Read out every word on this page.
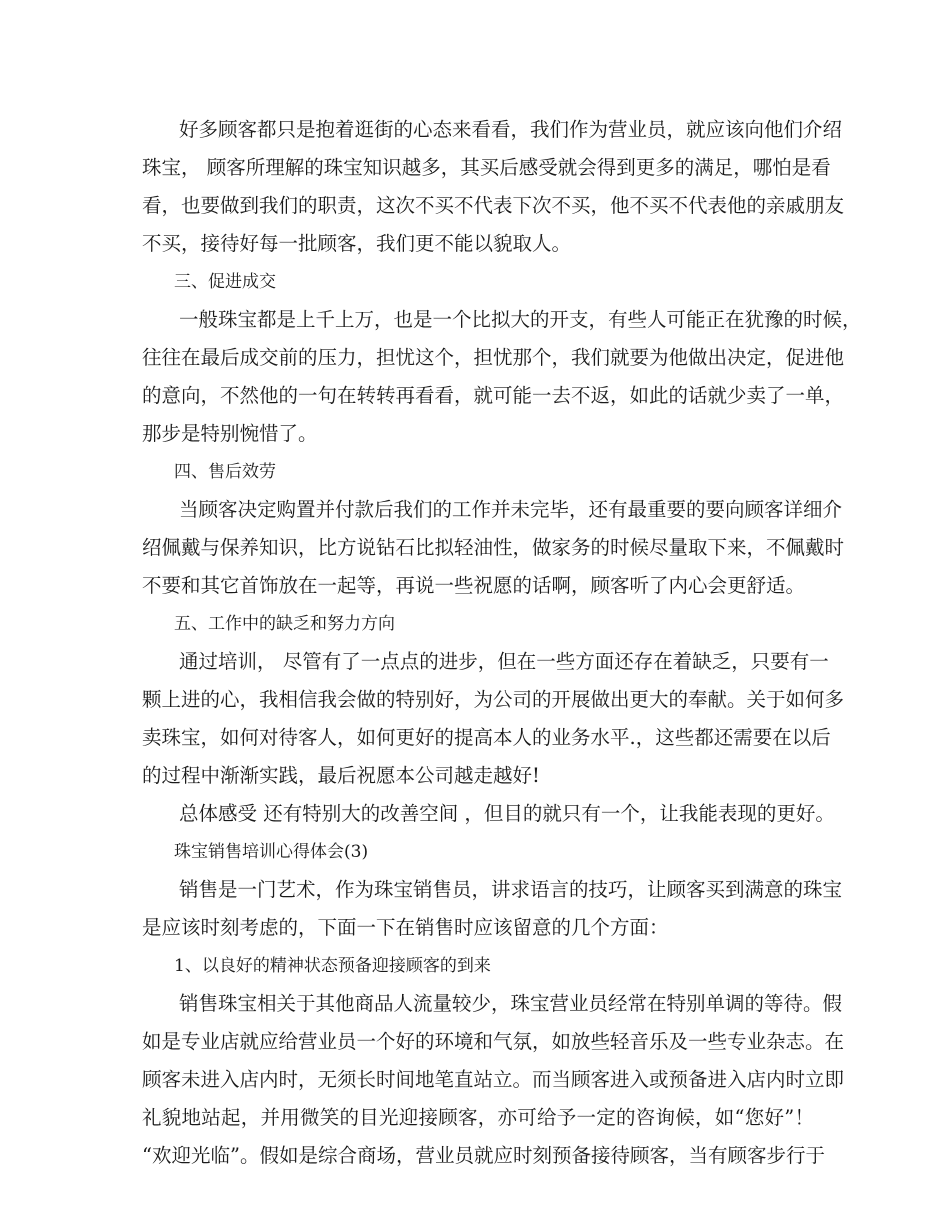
好多顾客都只是抱着逛街的心态来看看，我们作为营业员，就应该向他们介绍
珠宝， 顾客所理解的珠宝知识越多，其买后感受就会得到更多的满足，哪怕是看
看，也要做到我们的职责，这次不买不代表下次不买，他不买不代表他的亲戚朋友
不买，接待好每一批顾客，我们更不能以貌取人。
三、促进成交
一般珠宝都是上千上万，也是一个比拟大的开支，有些人可能正在犹豫的时候，
往往在最后成交前的压力，担忧这个，担忧那个，我们就要为他做出决定，促进他
的意向，不然他的一句在转转再看看，就可能一去不返，如此的话就少卖了一单，
那步是特别惋惜了。
四、售后效劳
当顾客决定购置并付款后我们的工作并未完毕，还有最重要的要向顾客详细介
绍佩戴与保养知识，比方说钻石比拟轻油性，做家务的时候尽量取下来，不佩戴时
不要和其它首饰放在一起等，再说一些祝愿的话啊，顾客听了内心会更舒适。
五、工作中的缺乏和努力方向
通过培训， 尽管有了一点点的进步，但在一些方面还存在着缺乏，只要有一
颗上进的心，我相信我会做的特别好，为公司的开展做出更大的奉献。关于如何多
卖珠宝，如何对待客人，如何更好的提高本人的业务水平.，这些都还需要在以后
的过程中渐渐实践，最后祝愿本公司越走越好!
总体感受 还有特别大的改善空间 ，但目的就只有一个，让我能表现的更好。
珠宝销售培训心得体会(3)
销售是一门艺术，作为珠宝销售员，讲求语言的技巧，让顾客买到满意的珠宝
是应该时刻考虑的，下面一下在销售时应该留意的几个方面：
1、以良好的精神状态预备迎接顾客的到来
销售珠宝相关于其他商品人流量较少，珠宝营业员经常在特别单调的等待。假
如是专业店就应给营业员一个好的环境和气氛，如放些轻音乐及一些专业杂志。在
顾客未进入店内时，无须长时间地笔直站立。而当顾客进入或预备进入店内时立即
礼貌地站起，并用微笑的目光迎接顾客，亦可给予一定的咨询候，如“您好”！
“欢迎光临”。假如是综合商场，营业员就应时刻预备接待顾客，当有顾客步行于
